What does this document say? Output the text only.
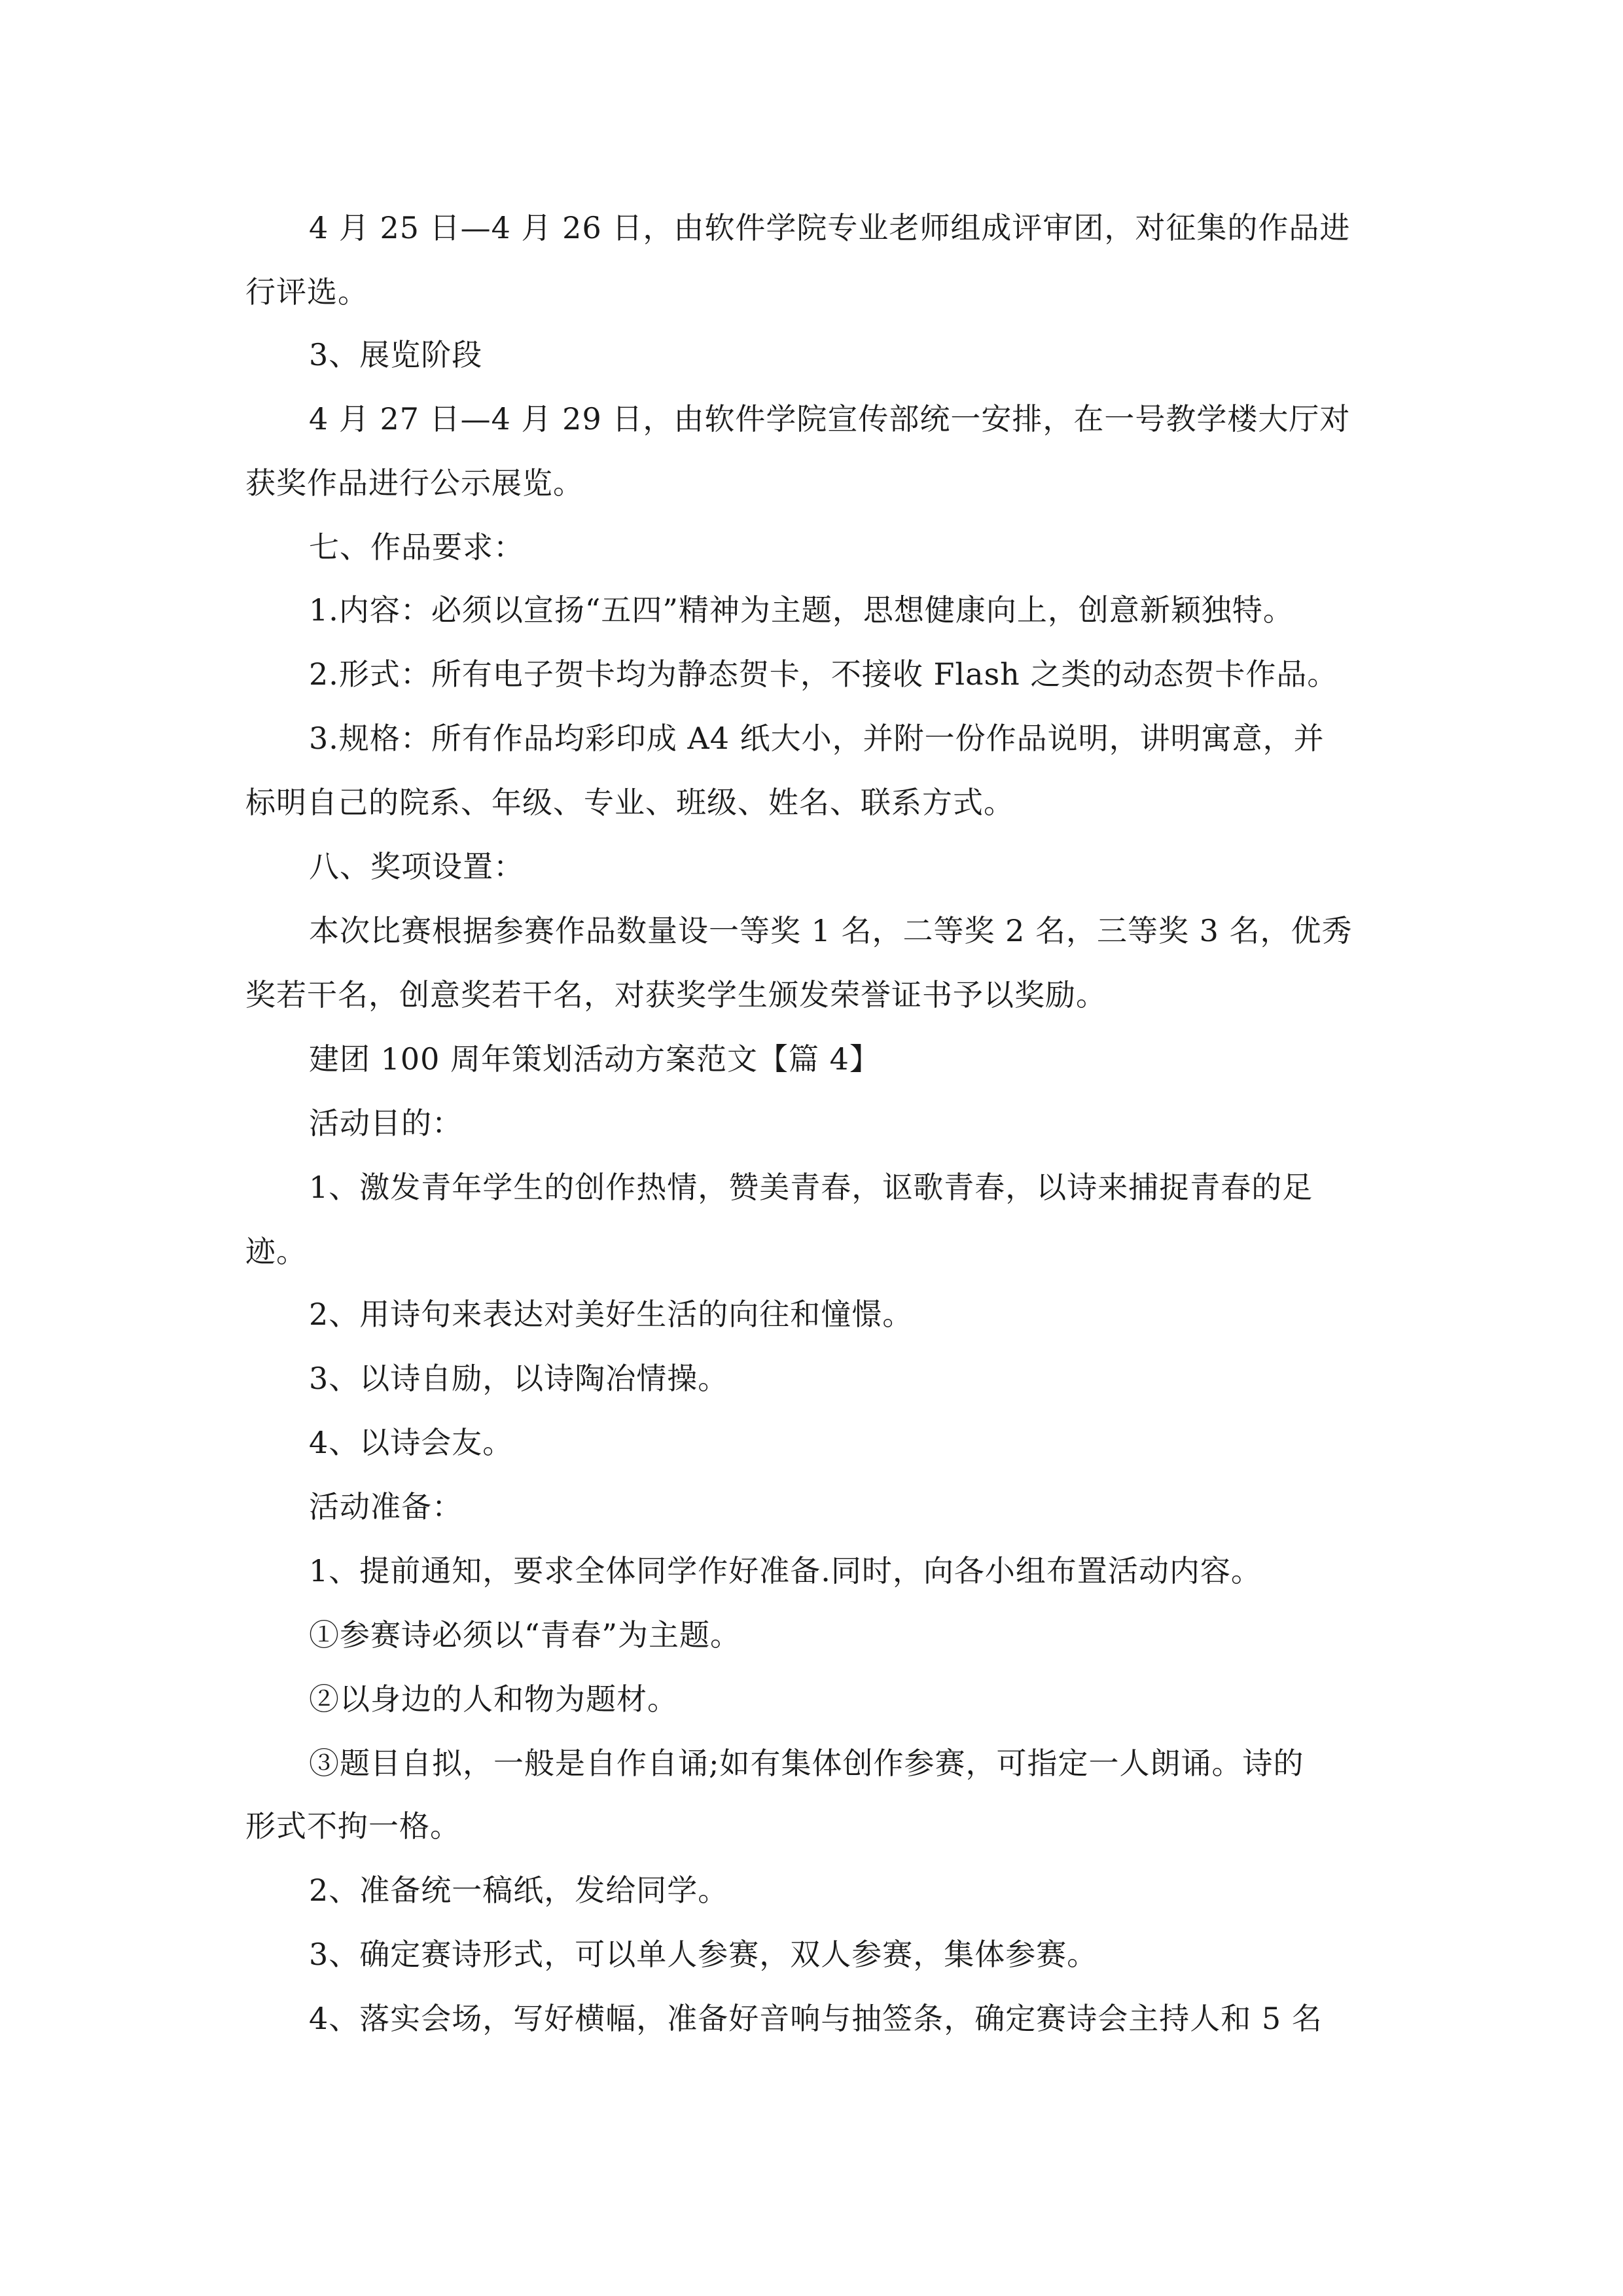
4 月 25 日—4 月 26 日，由软件学院专业老师组成评审团，对征集的作品进
行评选。
3、展览阶段
4 月 27 日—4 月 29 日，由软件学院宣传部统一安排，在一号教学楼大厅对
获奖作品进行公示展览。
七、作品要求：
1.内容：必须以宣扬“五四”精神为主题，思想健康向上，创意新颖独特。
2.形式：所有电子贺卡均为静态贺卡，不接收 Flash 之类的动态贺卡作品。
3.规格：所有作品均彩印成 A4 纸大小，并附一份作品说明，讲明寓意，并
标明自己的院系、年级、专业、班级、姓名、联系方式。
八、奖项设置：
本次比赛根据参赛作品数量设一等奖 1 名，二等奖 2 名，三等奖 3 名，优秀
奖若干名，创意奖若干名，对获奖学生颁发荣誉证书予以奖励。
建团 100 周年策划活动方案范文【篇 4】
活动目的：
1、激发青年学生的创作热情，赞美青春，讴歌青春，以诗来捕捉青春的足
迹。
2、用诗句来表达对美好生活的向往和憧憬。
3、以诗自励，以诗陶冶情操。
4、以诗会友。
活动准备：
1、提前通知，要求全体同学作好准备.同时，向各小组布置活动内容。
①参赛诗必须以“青春”为主题。
②以身边的人和物为题材。
③题目自拟，一般是自作自诵;如有集体创作参赛，可指定一人朗诵。诗的
形式不拘一格。
2、准备统一稿纸，发给同学。
3、确定赛诗形式，可以单人参赛，双人参赛，集体参赛。
4、落实会场，写好横幅，准备好音响与抽签条，确定赛诗会主持人和 5 名
